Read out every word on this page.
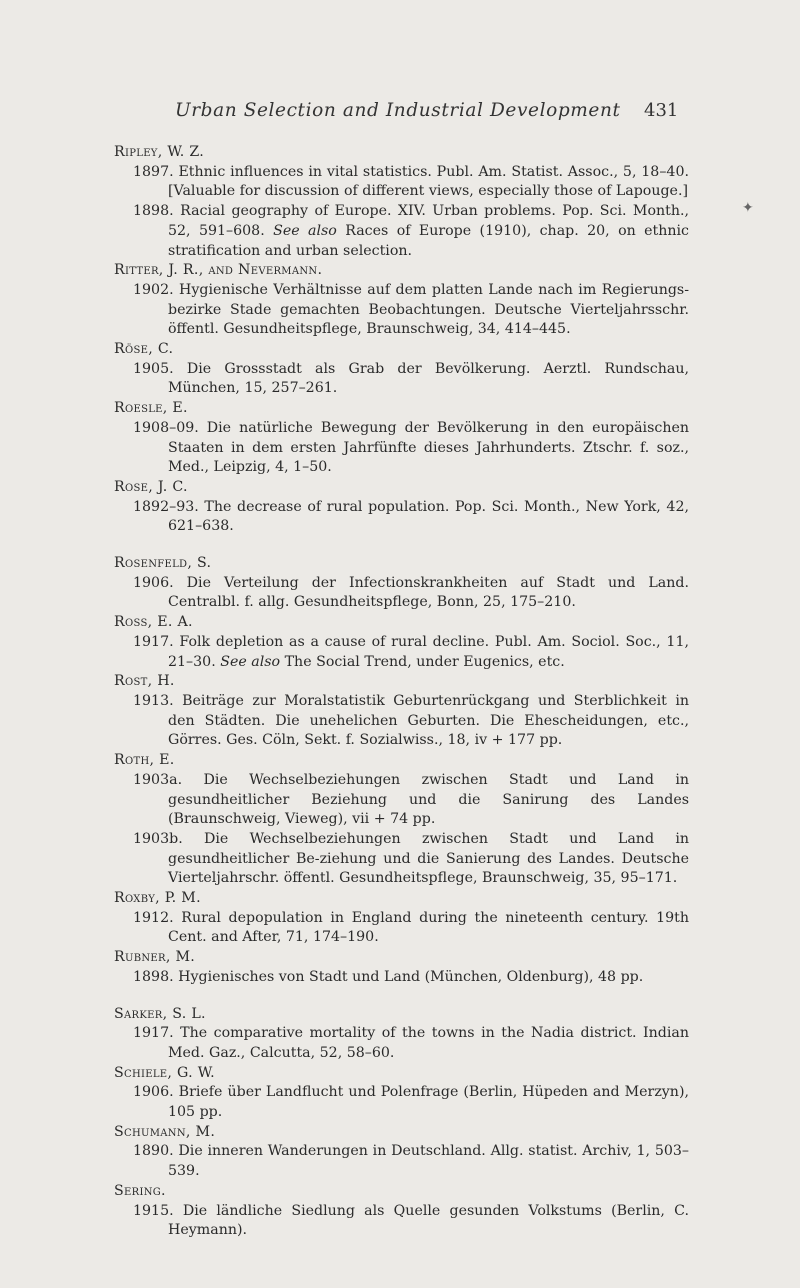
Urban Selection and Industrial Development 431
✦
Ripley, W. Z.
1897. Ethnic influences in vital statistics. Publ. Am. Statist. Assoc., 5, 18–40. [Valuable for discussion of different views, especially those of Lapouge.]
1898. Racial geography of Europe. XIV. Urban problems. Pop. Sci. Month., 52, 591–608. See also Races of Europe (1910), chap. 20, on ethnic stratification and urban selection.
Ritter, J. R., and Nevermann.
1902. Hygienische Verhältnisse auf dem platten Lande nach im Regierungs-bezirke Stade gemachten Beobachtungen. Deutsche Vierteljahrsschr. öffentl. Gesundheitspflege, Braunschweig, 34, 414–445.
Röse, C.
1905. Die Grossstadt als Grab der Bevölkerung. Aerztl. Rundschau, München, 15, 257–261.
Roesle, E.
1908–09. Die natürliche Bewegung der Bevölkerung in den europäischen Staaten in dem ersten Jahrfünfte dieses Jahrhunderts. Ztschr. f. soz., Med., Leipzig, 4, 1–50.
Rose, J. C.
1892–93. The decrease of rural population. Pop. Sci. Month., New York, 42, 621–638.
Rosenfeld, S.
1906. Die Verteilung der Infectionskrankheiten auf Stadt und Land. Centralbl. f. allg. Gesundheitspflege, Bonn, 25, 175–210.
Ross, E. A.
1917. Folk depletion as a cause of rural decline. Publ. Am. Sociol. Soc., 11, 21–30. See also The Social Trend, under Eugenics, etc.
Rost, H.
1913. Beiträge zur Moralstatistik Geburtenrückgang und Sterblichkeit in den Städten. Die unehelichen Geburten. Die Ehescheidungen, etc., Görres. Ges. Cöln, Sekt. f. Sozialwiss., 18, iv + 177 pp.
Roth, E.
1903a. Die Wechselbeziehungen zwischen Stadt und Land in gesundheitlicher Beziehung und die Sanirung des Landes (Braunschweig, Vieweg), vii + 74 pp.
1903b. Die Wechselbeziehungen zwischen Stadt und Land in gesundheitlicher Be-ziehung und die Sanierung des Landes. Deutsche Vierteljahrschr. öffentl. Gesundheitspflege, Braunschweig, 35, 95–171.
Roxby, P. M.
1912. Rural depopulation in England during the nineteenth century. 19th Cent. and After, 71, 174–190.
Rubner, M.
1898. Hygienisches von Stadt und Land (München, Oldenburg), 48 pp.
Sarker, S. L.
1917. The comparative mortality of the towns in the Nadia district. Indian Med. Gaz., Calcutta, 52, 58–60.
Schiele, G. W.
1906. Briefe über Landflucht und Polenfrage (Berlin, Hüpeden and Merzyn), 105 pp.
Schumann, M.
1890. Die inneren Wanderungen in Deutschland. Allg. statist. Archiv, 1, 503–539.
Sering.
1915. Die ländliche Siedlung als Quelle gesunden Volkstums (Berlin, C. Heymann).
